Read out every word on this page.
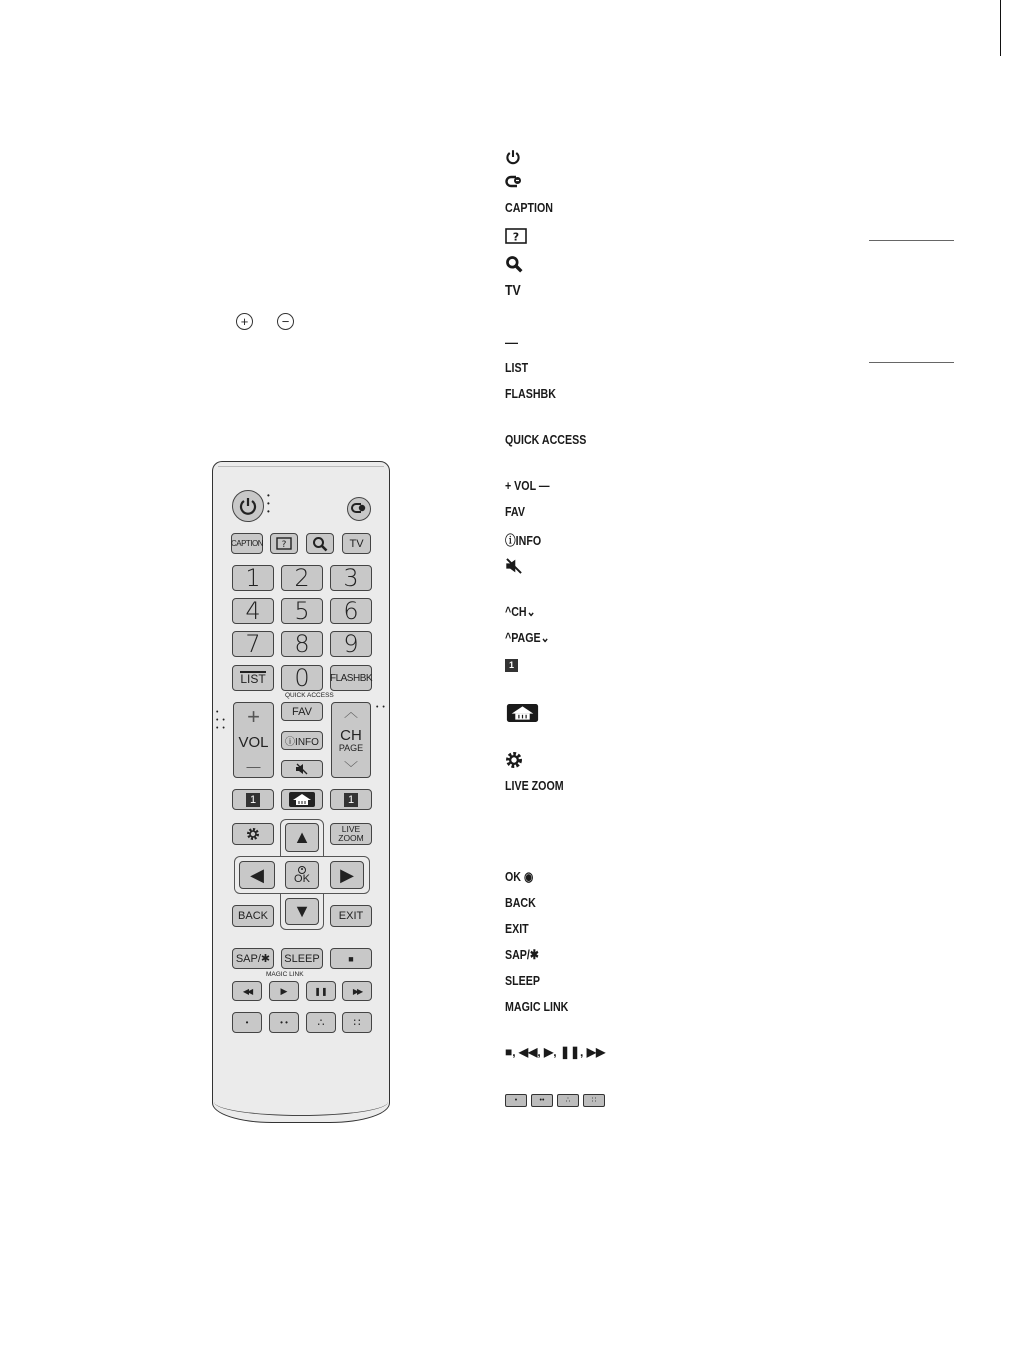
+	−
•
•
•
CAPTION ?	TV
1	2	3
4	5	6
7	8	9
LIST	0	FLASHBK
QUICK ACCESS
•
• •
• •
• •
+
VOL
—
FAV
ⓘINFO
︿
CH
PAGE
﹀
1	1
LIVE
ZOOM
▲
◀	OK ▶
▼
BACK	EXIT
SAP/✱	SLEEP	■
MAGIC LINK
◀◀	▶	❚❚	▶▶
•	• •	∴	∷
CAPTION
?
TV
—
LIST
FLASHBK
QUICK ACCESS
+ VOL —
FAV
ⓘINFO
^CH⌄
^PAGE⌄
1
LIVE ZOOM
OK ◉
BACK
EXIT
SAP/✱
SLEEP
MAGIC LINK
■, ◀◀, ▶, ❚❚, ▶▶
•	••	∴	∷
